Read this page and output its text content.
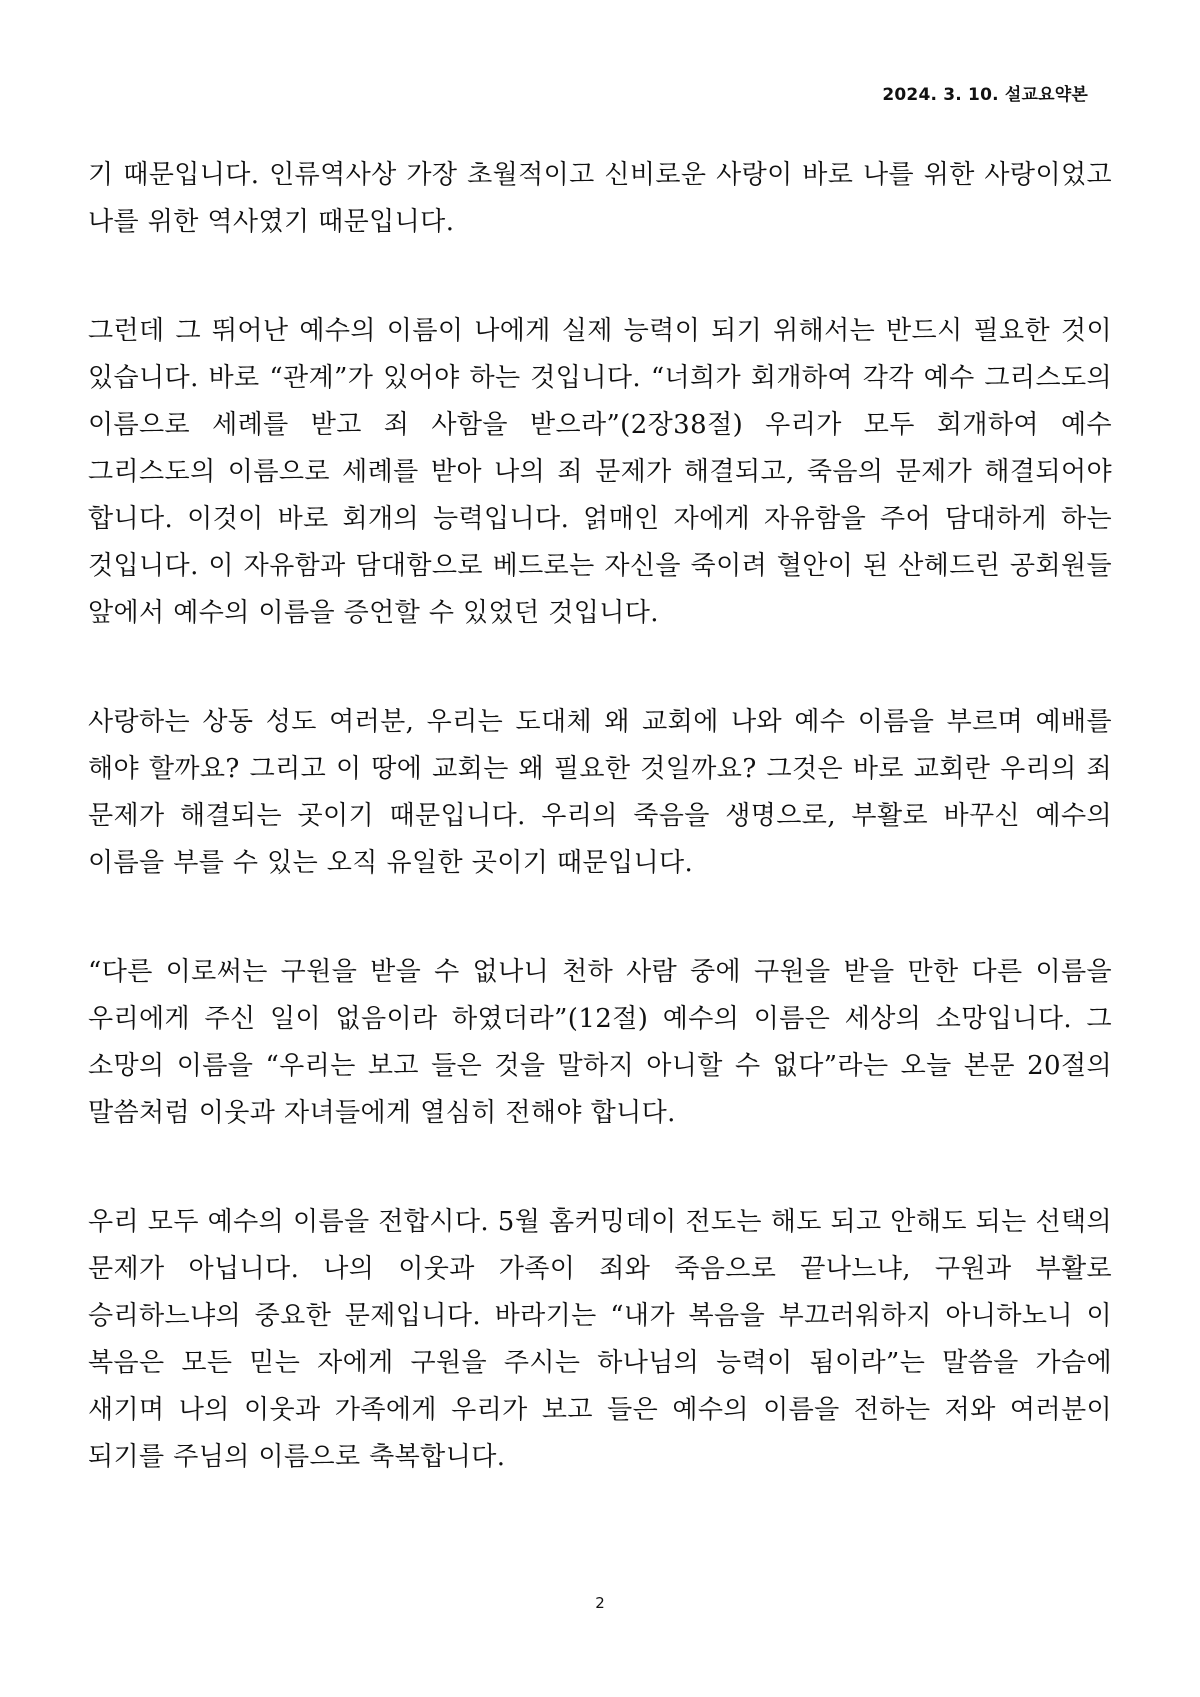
2024. 3. 10. 설교요약본

기 때문입니다. 인류역사상 가장 초월적이고 신비로운 사랑이 바로 나를 위한 사랑이었고 나를 위한 역사였기 때문입니다.

그런데 그 뛰어난 예수의 이름이 나에게 실제 능력이 되기 위해서는 반드시 필요한 것이 있습니다. 바로 “관계”가 있어야 하는 것입니다. “너희가 회개하여 각각 예수 그리스도의 이름으로 세례를 받고 죄 사함을 받으라”(2장38절) 우리가 모두 회개하여 예수 그리스도의 이름으로 세례를 받아 나의 죄 문제가 해결되고, 죽음의 문제가 해결되어야 합니다. 이것이 바로 회개의 능력입니다. 얽매인 자에게 자유함을 주어 담대하게 하는 것입니다. 이 자유함과 담대함으로 베드로는 자신을 죽이려 혈안이 된 산헤드린 공회원들 앞에서 예수의 이름을 증언할 수 있었던 것입니다.

사랑하는 상동 성도 여러분, 우리는 도대체 왜 교회에 나와 예수 이름을 부르며 예배를 해야 할까요? 그리고 이 땅에 교회는 왜 필요한 것일까요? 그것은 바로 교회란 우리의 죄 문제가 해결되는 곳이기 때문입니다. 우리의 죽음을 생명으로, 부활로 바꾸신 예수의 이름을 부를 수 있는 오직 유일한 곳이기 때문입니다.

“다른 이로써는 구원을 받을 수 없나니 천하 사람 중에 구원을 받을 만한 다른 이름을 우리에게 주신 일이 없음이라 하였더라”(12절) 예수의 이름은 세상의 소망입니다. 그 소망의 이름을 “우리는 보고 들은 것을 말하지 아니할 수 없다”라는 오늘 본문 20절의 말씀처럼 이웃과 자녀들에게 열심히 전해야 합니다.

우리 모두 예수의 이름을 전합시다. 5월 홈커밍데이 전도는 해도 되고 안해도 되는 선택의 문제가 아닙니다. 나의 이웃과 가족이 죄와 죽음으로 끝나느냐, 구원과 부활로 승리하느냐의 중요한 문제입니다. 바라기는 “내가 복음을 부끄러워하지 아니하노니 이 복음은 모든 믿는 자에게 구원을 주시는 하나님의 능력이 됨이라”는 말씀을 가슴에 새기며 나의 이웃과 가족에게 우리가 보고 들은 예수의 이름을 전하는 저와 여러분이 되기를 주님의 이름으로 축복합니다.

2
